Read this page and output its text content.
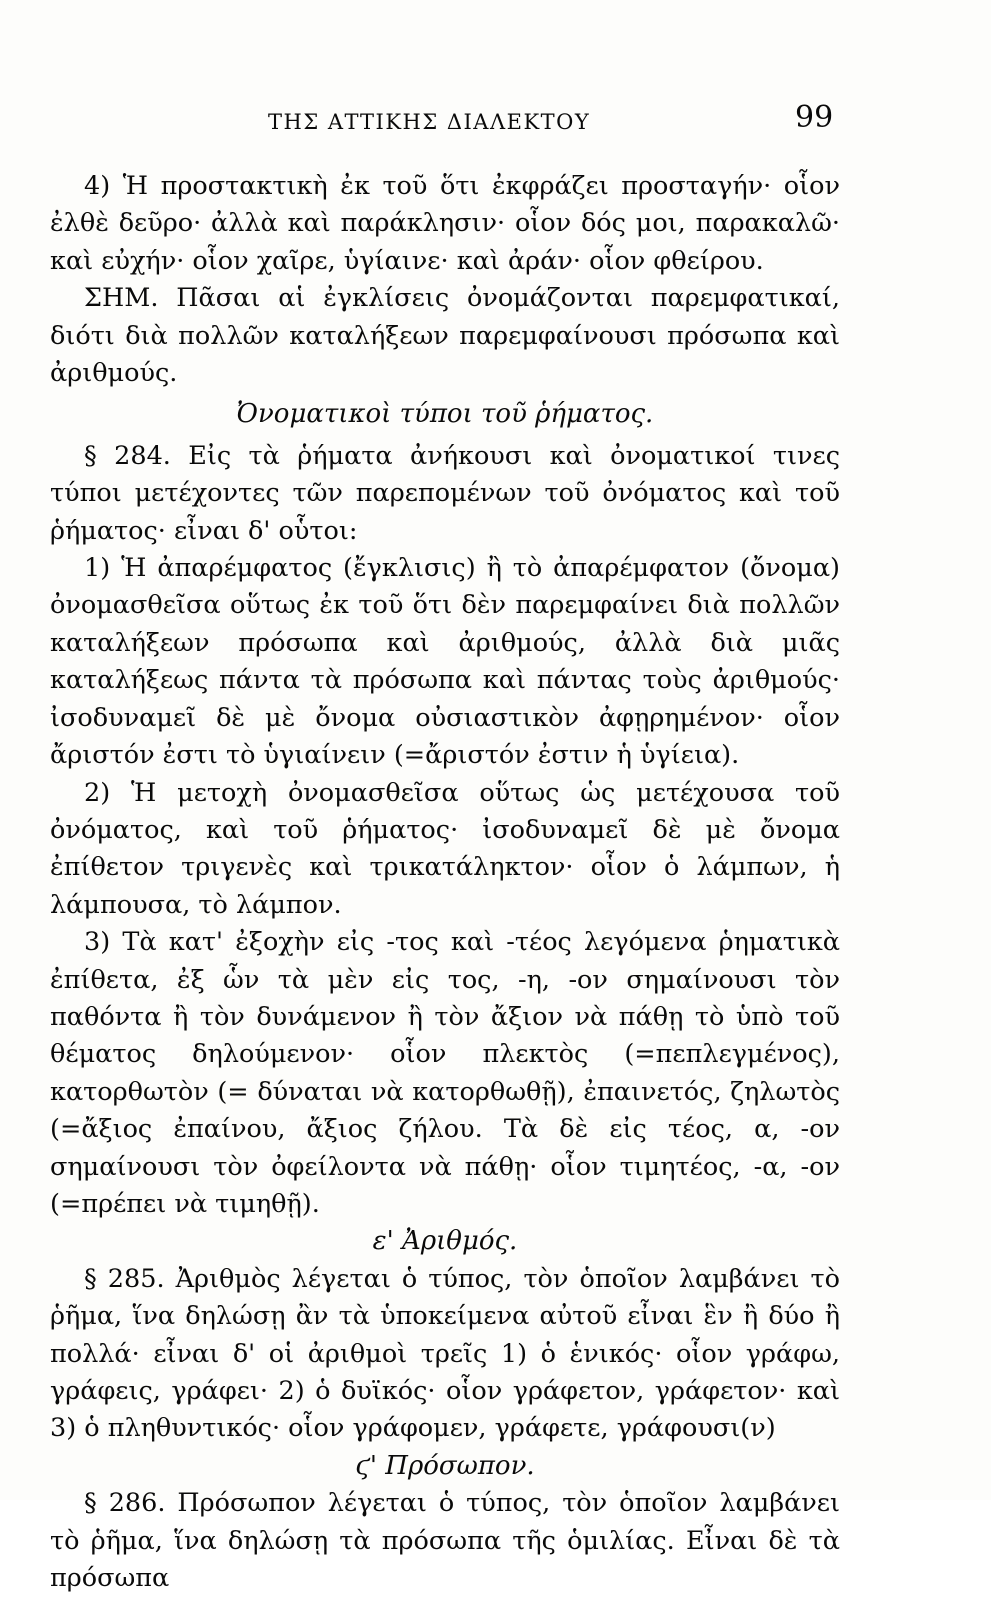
ΤΗΣ ΑΤΤΙΚΗΣ ΔΙΑΛΕΚΤΟΥ	99

4) Ἡ προστακτικὴ ἐκ τοῦ ὅτι ἐκφράζει προσταγήν· οἷον ἐλθὲ δεῦρο· ἀλλὰ καὶ παράκλησιν· οἷον δός μοι, παρακαλῶ· καὶ εὐχήν· οἷον χαῖρε, ὑγίαινε· καὶ ἀράν· οἷον φθείρου.

ΣΗΜ. Πᾶσαι αἱ ἐγκλίσεις ὀνομάζονται παρεμφατικαί, διότι διὰ πολλῶν καταλήξεων παρεμφαίνουσι πρόσωπα καὶ ἀριθμούς.

Ὀνοματικοὶ τύποι τοῦ ῥήματος.

§ 284. Εἰς τὰ ῥήματα ἀνήκουσι καὶ ὀνοματικοί τινες τύποι μετέχοντες τῶν παρεπομένων τοῦ ὀνόματος καὶ τοῦ ῥήματος· εἶναι δ' οὗτοι:

1) Ἡ ἀπαρέμφατος (ἔγκλισις) ἢ τὸ ἀπαρέμφατον (ὄνομα) ὀνομασθεῖσα οὕτως ἐκ τοῦ ὅτι δὲν παρεμφαίνει διὰ πολλῶν καταλήξεων πρόσωπα καὶ ἀριθμούς, ἀλλὰ διὰ μιᾶς καταλήξεως πάντα τὰ πρόσωπα καὶ πάντας τοὺς ἀριθμούς· ἰσοδυναμεῖ δὲ μὲ ὄνομα οὐσιαστικὸν ἀφῃρημένον· οἷον ἄριστόν ἐστι τὸ ὑγιαίνειν (=ἄριστόν ἐστιν ἡ ὑγίεια).

2) Ἡ μετοχὴ ὀνομασθεῖσα οὕτως ὡς μετέχουσα τοῦ ὀνόματος, καὶ τοῦ ῥήματος· ἰσοδυναμεῖ δὲ μὲ ὄνομα ἐπίθετον τριγενὲς καὶ τρικατάληκτον· οἷον ὁ λάμπων, ἡ λάμπουσα, τὸ λάμπον.

3) Τὰ κατ' ἐξοχὴν εἰς -τος καὶ -τέος λεγόμενα ῥηματικὰ ἐπίθετα, ἐξ ὧν τὰ μὲν εἰς τος, -η, -ον σημαίνουσι τὸν παθόντα ἢ τὸν δυνάμενον ἢ τὸν ἄξιον νὰ πάθῃ τὸ ὑπὸ τοῦ θέματος δηλούμενον· οἷον πλεκτὸς (=πεπλεγμένος), κατορθωτὸν (= δύναται νὰ κατορθωθῇ), ἐπαινετός, ζηλωτὸς (=ἄξιος ἐπαίνου, ἄξιος ζήλου. Τὰ δὲ εἰς τέος, α, -ον σημαίνουσι τὸν ὀφείλοντα νὰ πάθῃ· οἷον τιμητέος, -α, -ον (=πρέπει νὰ τιμηθῇ).

ε' Ἀριθμός.

§ 285. Ἀριθμὸς λέγεται ὁ τύπος, τὸν ὁποῖον λαμβάνει τὸ ῥῆμα, ἵνα δηλώσῃ ἂν τὰ ὑποκείμενα αὐτοῦ εἶναι ἓν ἢ δύο ἢ πολλά· εἶναι δ' οἱ ἀριθμοὶ τρεῖς 1) ὁ ἑνικός· οἷον γράφω, γράφεις, γράφει· 2) ὁ δυϊκός· οἷον γράφετον, γράφετον· καὶ 3) ὁ πληθυντικός· οἷον γράφομεν, γράφετε, γράφουσι(ν)

ϛ' Πρόσωπον.

§ 286. Πρόσωπον λέγεται ὁ τύπος, τὸν ὁποῖον λαμβάνει τὸ ῥῆμα, ἵνα δηλώσῃ τὰ πρόσωπα τῆς ὁμιλίας. Εἶναι δὲ τὰ πρόσωπα
